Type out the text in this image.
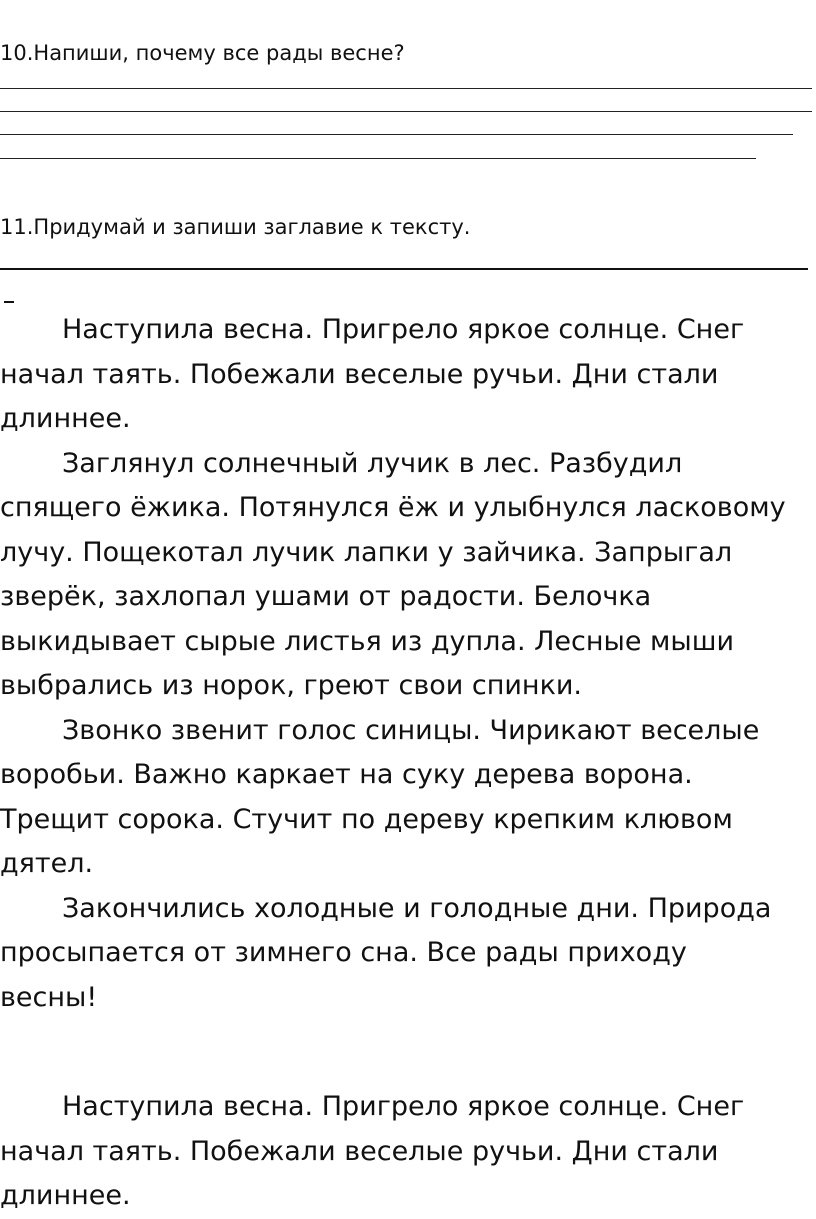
10.Напиши, почему все рады весне?

11.Придумай и запиши заглавие к тексту.

Наступила весна. Пригрело яркое солнце. Снег
начал таять. Побежали веселые ручьи. Дни стали
длиннее.

Заглянул солнечный лучик в лес. Разбудил
спящего ёжика. Потянулся ёж и улыбнулся ласковому
лучу. Пощекотал лучик лапки у зайчика. Запрыгал
зверёк, захлопал ушами от радости. Белочка
выкидывает сырые листья из дупла. Лесные мыши
выбрались из норок, греют свои спинки.

Звонко звенит голос синицы. Чирикают веселые
воробьи. Важно каркает на суку дерева ворона.
Трещит сорока. Стучит по дереву крепким клювом
дятел.

Закончились холодные и голодные дни. Природа
просыпается от зимнего сна. Все рады приходу
весны!

Наступила весна. Пригрело яркое солнце. Снег
начал таять. Побежали веселые ручьи. Дни стали
длиннее.
